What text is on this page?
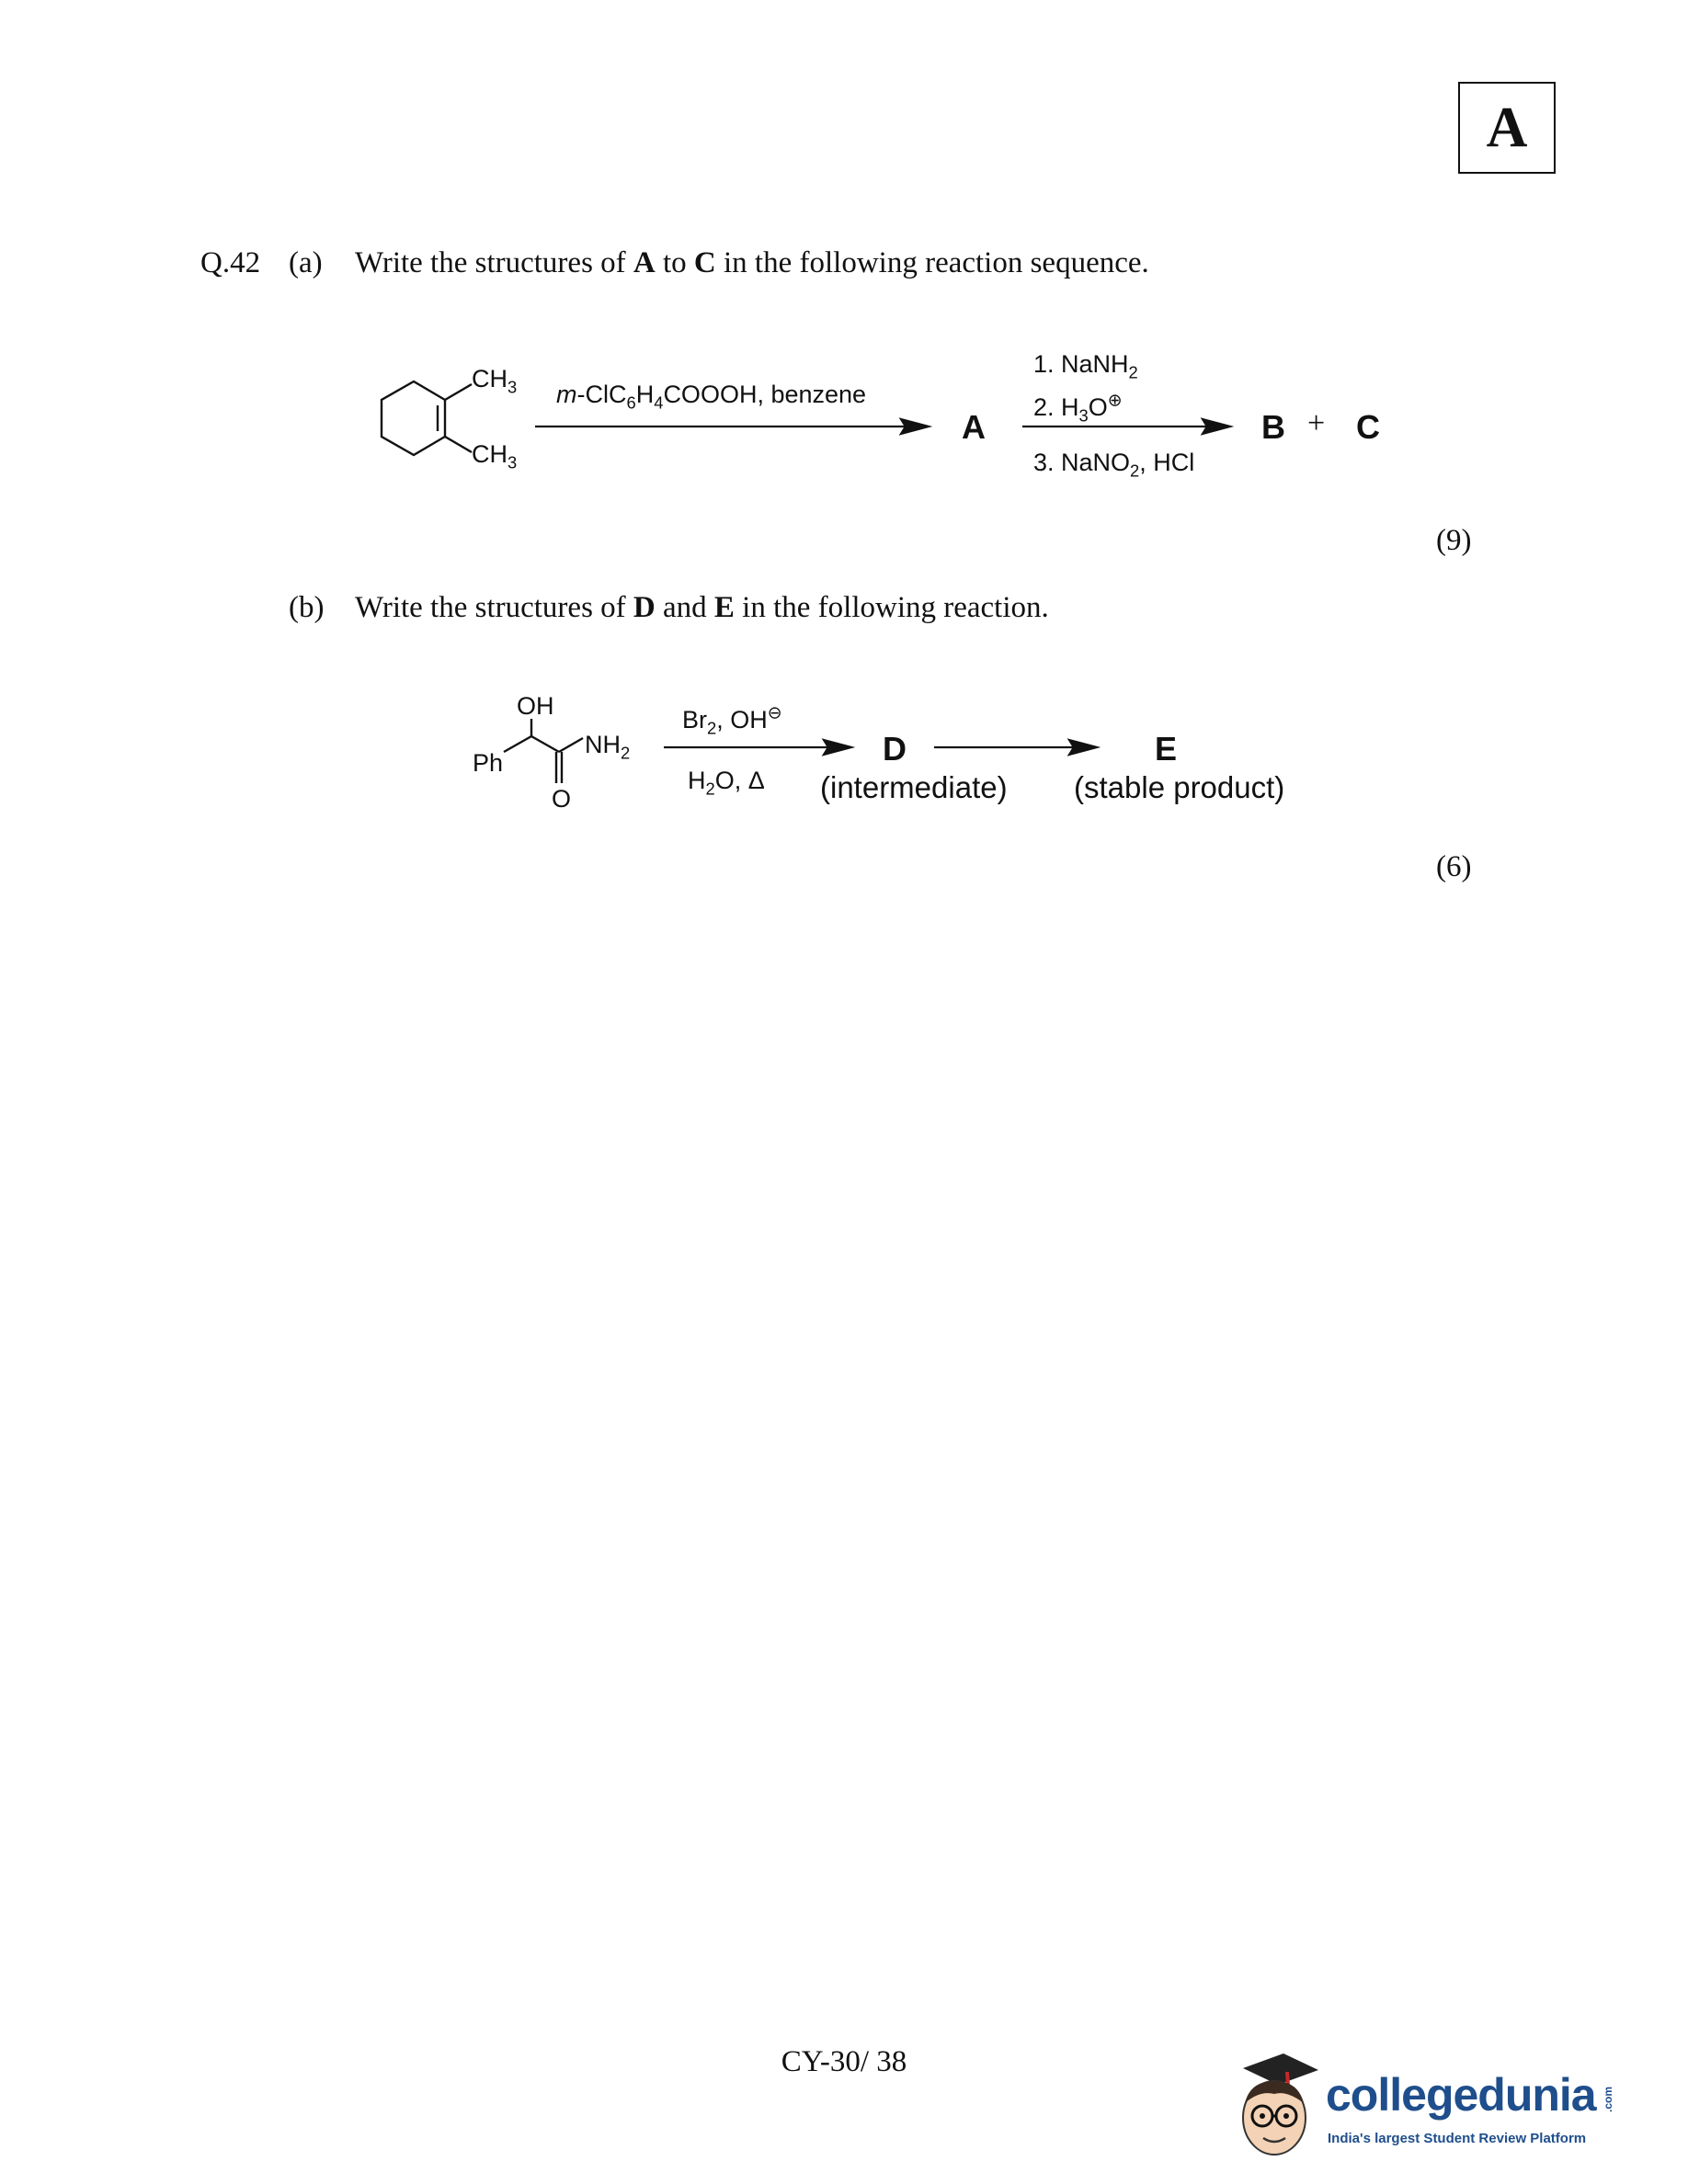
A
Q.42 (a) Write the structures of A to C in the following reaction sequence.
$CH_3$
$CH_3$
$m-ClC_6H_4COOOH$, benzene
A
1. NaNH$_2$
2. $H_3O^\oplus$
3. NaNO$_2$, HCl
B + C
(9)
(b) Write the structures of D and E in the following reaction.
OH
$NH_2$
Ph
O
$Br_2$, OH⊖
$H_2O$, Δ
D
(intermediate)
E
(stable product)
(6)
CY-30/ 38
collegedunia .com
India's largest Student Review Platform
